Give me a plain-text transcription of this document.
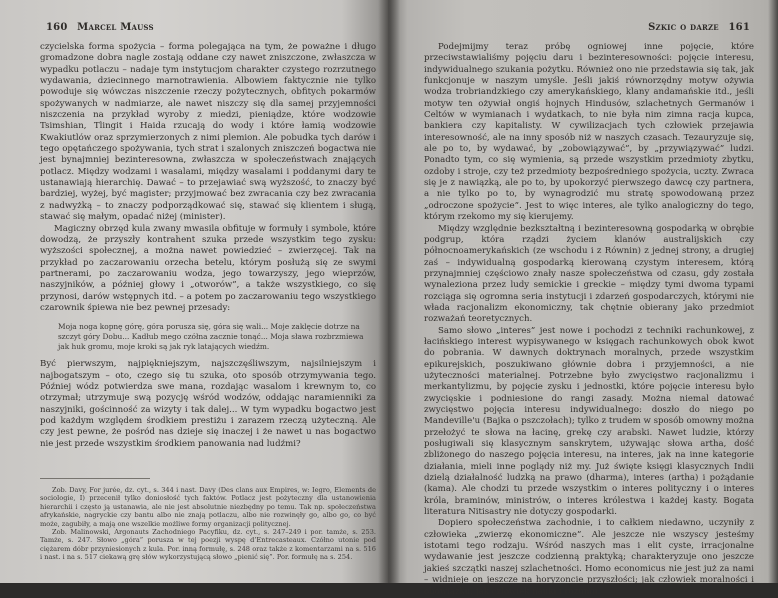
160 Marcel Mauss

czycielska forma spożycia – forma polegająca na tym, że poważne i długo gromadzone dobra nagle zostają oddane czy nawet zniszczone, zwłaszcza w wypadku potlaczu – nadaje tym instytucjom charakter czystego rozrzutnego wydawania, dziecinnego marnotrawienia. Albowiem faktycznie nie tylko powoduje się wówczas niszczenie rzeczy pożytecznych, obfitych pokarmów spożywanych w nadmiarze, ale nawet niszczy się dla samej przyjemności niszczenia na przykład wyroby z miedzi, pieniądze, które wodzowie Tsimshian, Tlingit i Haida rzucają do wody i które łamią wodzowie Kwakiutlów oraz sprzymierzonych z nimi plemion. Ale pobudka tych darów i tego opętańczego spożywania, tych strat i szalonych zniszczeń bogactwa nie jest bynajmniej bezinteresowna, zwłaszcza w społeczeństwach znających potlacz. Między wodzami i wasalami, między wasalami i poddanymi dary te ustanawiają hierarchię. Dawać – to przejawiać swą wyższość, to znaczy być bardziej, wyżej, być magister; przyjmować bez zwracania czy bez zwracania z nadwyżką – to znaczy podporządkować się, stawać się klientem i sługą, stawać się małym, opadać niżej (minister).

Magiczny obrzęd kula zwany mwasila obfituje w formuły i symbole, które dowodzą, że przyszły kontrahent szuka przede wszystkim tego zysku: wyższości społecznej, a można nawet powiedzieć – zwierzęcej. Tak na przykład po zaczarowaniu orzecha betelu, którym posłużą się ze swymi partnerami, po zaczarowaniu wodza, jego towarzyszy, jego wieprzów, naszyjników, a później głowy i „otworów”, a także wszystkiego, co się przynosi, darów wstępnych itd. – a potem po zaczarowaniu tego wszystkiego czarownik śpiewa nie bez pewnej przesady:

Moja noga kopnę górę, góra porusza się, góra się wali... Moje zaklęcie dotrze na szczyt góry Dobu... Kadłub mego czółna zacznie tonąć... Moja sława rozbrzmiewa jak huk gromu, moje kroki są jak ryk latających wiedźm.

Być pierwszym, najpiękniejszym, najszczęśliwszym, najsilniejszym i najbogatszym – oto, czego się tu szuka, oto sposób otrzymywania tego. Później wódz potwierdza swe mana, rozdając wasalom i krewnym to, co otrzymał; utrzymuje swą pozycję wśród wodzów, oddając naramienniki za naszyjniki, gościnność za wizyty i tak dalej... W tym wypadku bogactwo jest pod każdym względem środkiem prestiżu i zarazem rzeczą użyteczną. Ale czy jest pewne, że pośród nas dzieje się inaczej i że nawet u nas bogactwo nie jest przede wszystkim środkiem panowania nad ludźmi?

Zob. Davy, For jurée, dz. cyt., s. 344 i nast. Davy (Des clans aux Empires, w: Iegro, Elements de sociologie, I) przecenił tylko doniosłość tych faktów. Potlacz jest pożyteczny dla ustanowienia hierarchii i często ją ustanawia, ale nie jest absolutnie niezbędny po temu. Tak np. społeczeństwa afrykańskie, nagryckie czy bantu albo nie znają potlaczu, albo nie rozwinęły go, albo go, co być może, zagubiły, a mają one wszelkie możliwe formy organizacji politycznej.

Zob. Malinowski, Argonauts Zachodniego Pacyfiku, dz. cyt., s. 247–249 i por. tamże, s. 253. Tamże, s. 247. Słowo „góra” porusza w tej poezji wyspę d’Entrecasteaux. Czółno utonie pod ciężarem dóbr przyniesionych z kula. Por. inną formułę, s. 248 oraz także z komentarzami na s. 516 i nast. i na s. 517 ciekawą grę słów wykorzystującą słowo „pienić się”. Por. formułę na s. 254.

Szkic o darze 161

Podejmijmy teraz próbę ogniowej inne pojęcie, które przeciwstawialiśmy pojęciu daru i bezinteresowności: pojęcie interesu, indywidualnego szukania pożytku. Również ono nie przedstawia się tak, jak funkcjonuje w naszym umyśle. Jeśli jakiś równorzędny motyw ożywia wodza trobriandzkiego czy amerykańskiego, klany andamańskie itd., jeśli motyw ten ożywiał ongiś hojnych Hindusów, szlachetnych Germanów i Celtów w wymianach i wydatkach, to nie była nim zimna racja kupca, bankiera czy kapitalisty. W cywilizacjach tych człowiek przejawia interesowność, ale na inny sposób niż w naszych czasach. Tezauryzuje się, ale po to, by wydawać, by „zobowiązywać”, by „przywiązywać” ludzi. Ponadto tym, co się wymienia, są przede wszystkim przedmioty zbytku, ozdoby i stroje, czy też przedmioty bezpośredniego spożycia, uczty. Zwraca się je z nawiązką, ale po to, by upokorzyć pierwszego dawcę czy partnera, a nie tylko po to, by wynagrodzić mu stratę spowodowaną przez „odroczone spożycie”. Jest to więc interes, ale tylko analogiczny do tego, którym rzekomo my się kierujemy.

Między względnie bezkształtną i bezinteresowną gospodarką w obrębie podgrup, która rządzi życiem klanów australijskich czy północnoamerykańskich (ze wschodu i z Równin) z jednej strony, a drugiej zaś – indywidualną gospodarką kierowaną czystym interesem, którą przynajmniej częściowo znały nasze społeczeństwa od czasu, gdy została wynaleziona przez ludy semickie i greckie – między tymi dwoma typami rozciąga się ogromna seria instytucji i zdarzeń gospodarczych, którymi nie włada racjonalizm ekonomiczny, tak chętnie obierany jako przedmiot rozważań teoretycznych.

Samo słowo „interes” jest nowe i pochodzi z techniki rachunkowej, z łacińskiego interest wypisywanego w księgach rachunkowych obok kwot do pobrania. W dawnych doktrynach moralnych, przede wszystkim epikurejskich, poszukiwano głównie dobra i przyjemności, a nie użyteczności materialnej. Potrzebne było zwycięstwo racjonalizmu i merkantylizmu, by pojęcie zysku i jednostki, które pojęcie interesu było zwycięskie i podniesione do rangi zasady. Można niemal datować zwycięstwo pojęcia interesu indywidualnego: doszło do niego po Mandeville'u (Bajka o pszczołach); tylko z trudem w sposób omowny można przełożyć te słowa na łacinę, grekę czy arabski. Nawet ludzie, którzy posługiwali się klasycznym sanskrytem, używając słowa artha, dość zbliżonego do naszego pojęcia interesu, na interes, jak na inne kategorie działania, mieli inne poglądy niż my. Już święte księgi klasycznych Indii dzielą działalność ludzką na prawo (dharma), interes (artha) i pożądanie (kama). Ale chodzi tu przede wszystkim o interes polityczny i o interes króla, braminów, ministrów, o interes królestwa i każdej kasty. Bogata literatura Nitisastry nie dotyczy gospodarki.

Dopiero społeczeństwa zachodnie, i to całkiem niedawno, uczyniły z człowieka „zwierzę ekonomiczne”. Ale jeszcze nie wszyscy jesteśmy istotami tego rodzaju. Wśród naszych mas i elit cyste, irracjonalne wydawanie jest jeszcze codzienną praktyką; charakteryzuje ono jeszcze jakieś szczątki naszej szlachetności. Homo economicus nie jest już za nami – widnieje on jeszcze na horyzoncie przyszłości; jak człowiek moralności i obowiązku; jak człowiek nauki i rozumu.
